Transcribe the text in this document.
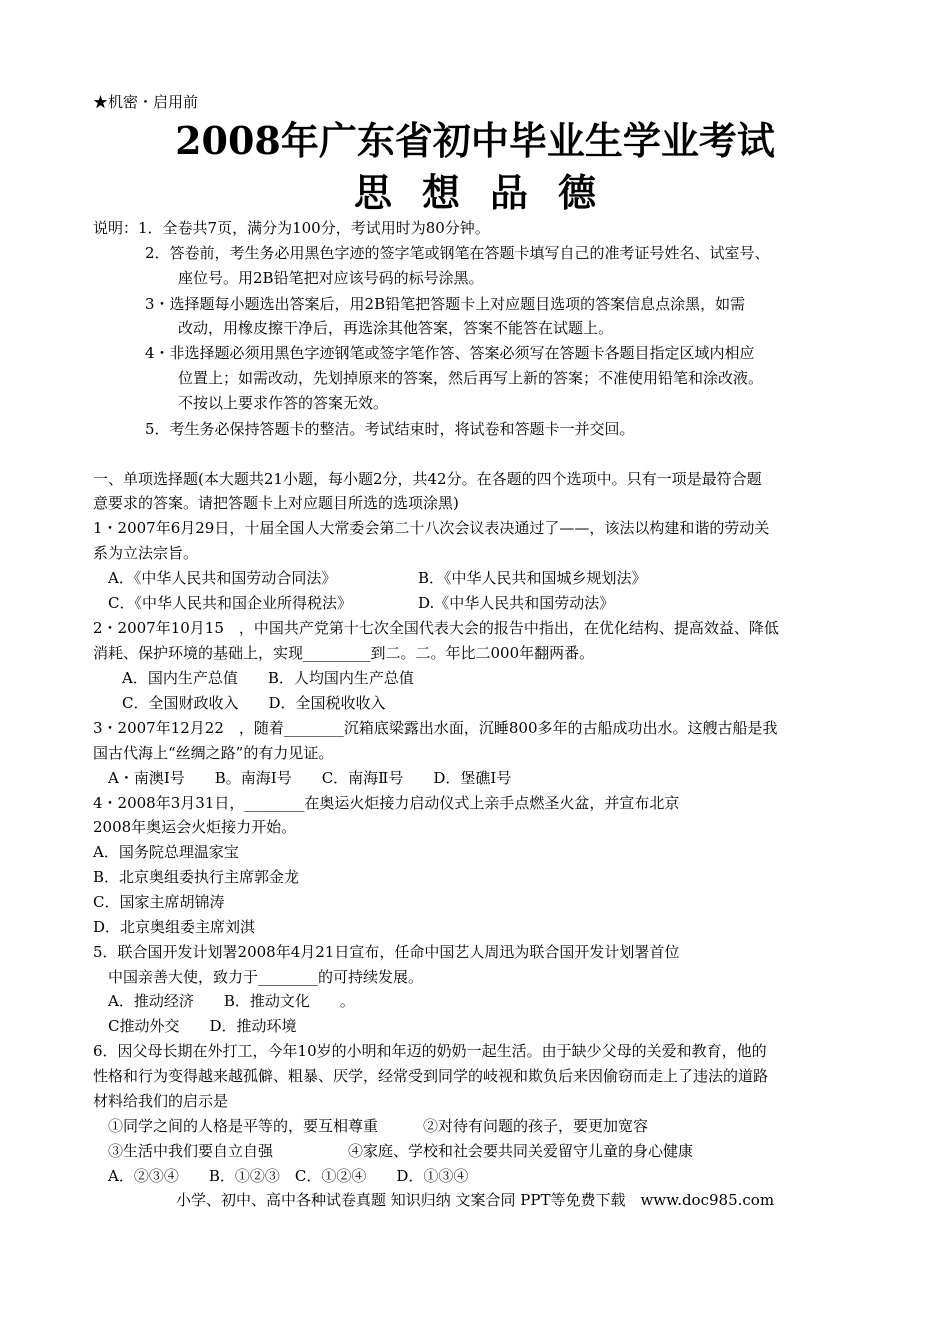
★机密・启用前
2008年广东省初中毕业生学业考试
思想品德
说明：1．全卷共7页，满分为100分，考试用时为80分钟。
2．答卷前，考生务必用黑色字迹的签字笔或钢笔在答题卡填写自己的准考证号姓名、试室号、
座位号。用2B铅笔把对应该号码的标号涂黑。
3・选择题每小题选出答案后，用2B铅笔把答题卡上对应题目选项的答案信息点涂黑，如需
改动，用橡皮擦干净后，再选涂其他答案，答案不能答在试题上。
4・非选择题必须用黑色字迹钢笔或签字笔作答、答案必须写在答题卡各题目指定区域内相应
位置上；如需改动，先划掉原来的答案，然后再写上新的答案；不准使用铅笔和涂改液。
不按以上要求作答的答案无效。
5．考生务必保持答题卡的整洁。考试结束时，将试卷和答题卡一并交回。
一、单项选择题(本大题共21小题，每小题2分，共42分。在各题的四个选项中。只有一项是最符合题
意要求的答案。请把答题卡上对应题目所选的选项涂黑)
1・2007年6月29日，十届全国人大常委会第二十八次会议表决通过了——，该法以构建和谐的劳动关
系为立法宗旨。
A．《中华人民共和国劳动合同法》	B．《中华人民共和国城乡规划法》
C．《中华人民共和国企业所得税法》	D.《中华人民共和国劳动法》
2・2007年10月15　，中国共产党第十七次全国代表大会的报告中指出，在优化结构、提高效益、降低
消耗、保护环境的基础上，实现_________到二。二。年比二000年翻两番。
A．国内生产总值　　B．人均国内生产总值
C．全国财政收入　　D．全国税收收入
3・2007年12月22　，随着________沉箱底梁露出水面，沉睡800多年的古船成功出水。这艘古船是我
国古代海上“丝绸之路”的有力见证。
A・南澳Ⅰ号　　B。南海Ⅰ号　　C．南海Ⅱ号　　D．堡礁Ⅰ号
4・2008年3月31日，________在奥运火炬接力启动仪式上亲手点燃圣火盆，并宣布北京
2008年奥运会火炬接力开始。
A．国务院总理温家宝
B．北京奥组委执行主席郭金龙
C．国家主席胡锦涛
D．北京奥组委主席刘淇
5．联合国开发计划署2008年4月21日宣布，任命中国艺人周迅为联合国开发计划署首位
中国亲善大使，致力于________的可持续发展。
A．推动经济　　B．推动文化　　。
C推动外交　　D．推动环境
6．因父母长期在外打工，今年10岁的小明和年迈的奶奶一起生活。由于缺少父母的关爱和教育，他的
性格和行为变得越来越孤僻、粗暴、厌学，经常受到同学的岐视和欺负后来因偷窃而走上了违法的道路
材料给我们的启示是
①同学之间的人格是平等的，要互相尊重　　　②对待有问题的孩子，要更加宽容
③生活中我们要自立自强　　　　　④家庭、学校和社会要共同关爱留守儿童的身心健康
A．②③④　　B．①②③　C．①②④　　D．①③④
小学、初中、高中各种试卷真题 知识归纳 文案合同 PPT等免费下载　www.doc985.com
